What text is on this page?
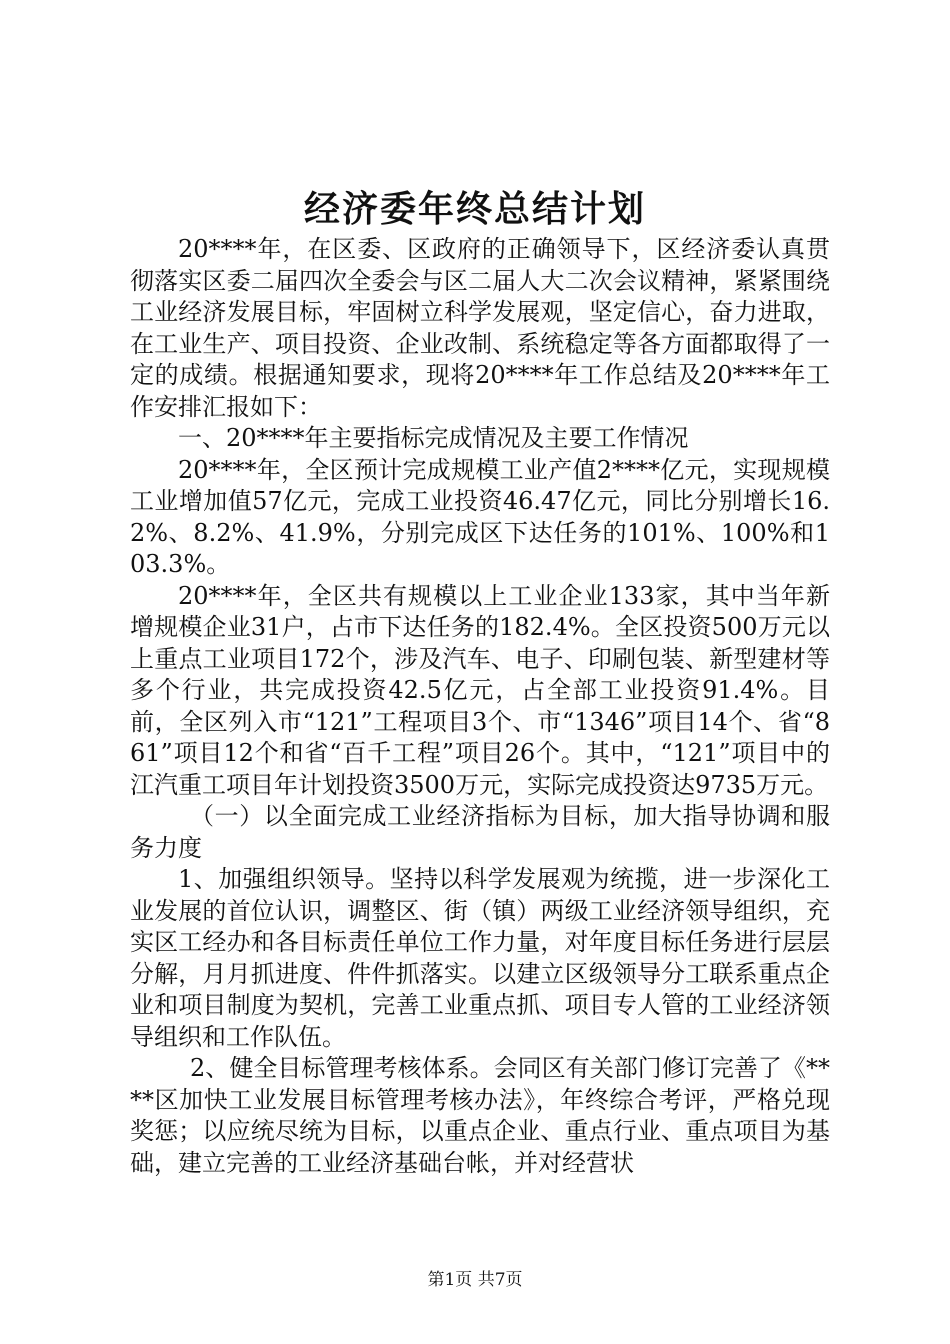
经济委年终总结计划

20****年，在区委、区政府的正确领导下，区经济委认真贯彻落实区委二届四次全委会与区二届人大二次会议精神，紧紧围绕工业经济发展目标，牢固树立科学发展观，坚定信心，奋力进取，在工业生产、项目投资、企业改制、系统稳定等各方面都取得了一定的成绩。根据通知要求，现将20****年工作总结及20****年工作安排汇报如下：

一、20****年主要指标完成情况及主要工作情况

20****年，全区预计完成规模工业产值2****亿元，实现规模工业增加值57亿元，完成工业投资46.47亿元，同比分别增长16.2%、8.2%、41.9%，分别完成区下达任务的101%、100%和103.3%。

20****年，全区共有规模以上工业企业133家，其中当年新增规模企业31户，占市下达任务的182.4%。全区投资500万元以上重点工业项目172个，涉及汽车、电子、印刷包装、新型建材等多个行业，共完成投资42.5亿元，占全部工业投资91.4%。目前，全区列入市“121”工程项目3个、市“1346”项目14个、省“861”项目12个和省“百千工程”项目26个。其中，“121”项目中的江汽重工项目年计划投资3500万元，实际完成投资达9735万元。

（一）以全面完成工业经济指标为目标，加大指导协调和服务力度

1、加强组织领导。坚持以科学发展观为统揽，进一步深化工业发展的首位认识，调整区、街（镇）两级工业经济领导组织，充实区工经办和各目标责任单位工作力量，对年度目标任务进行层层分解，月月抓进度、件件抓落实。以建立区级领导分工联系重点企业和项目制度为契机，完善工业重点抓、项目专人管的工业经济领导组织和工作队伍。

2、健全目标管理考核体系。会同区有关部门修订完善了《****区加快工业发展目标管理考核办法》，年终综合考评，严格兑现奖惩；以应统尽统为目标，以重点企业、重点行业、重点项目为基础，建立完善的工业经济基础台帐，并对经营状

第1页 共7页
